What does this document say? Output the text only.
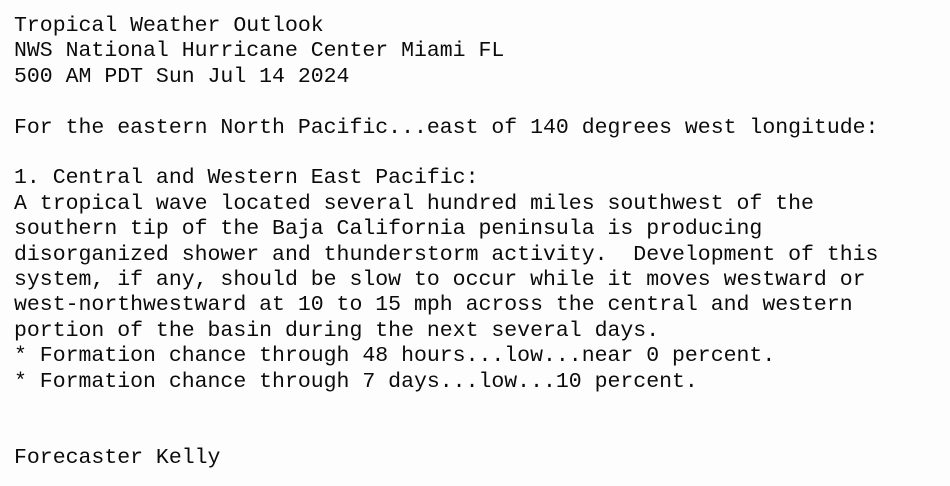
Tropical Weather Outlook
NWS National Hurricane Center Miami FL
500 AM PDT Sun Jul 14 2024
For the eastern North Pacific...east of 140 degrees west longitude:
1. Central and Western East Pacific:
A tropical wave located several hundred miles southwest of the
southern tip of the Baja California peninsula is producing
disorganized shower and thunderstorm activity.  Development of this
system, if any, should be slow to occur while it moves westward or
west-northwestward at 10 to 15 mph across the central and western
portion of the basin during the next several days.
* Formation chance through 48 hours...low...near 0 percent.
* Formation chance through 7 days...low...10 percent.
Forecaster Kelly
